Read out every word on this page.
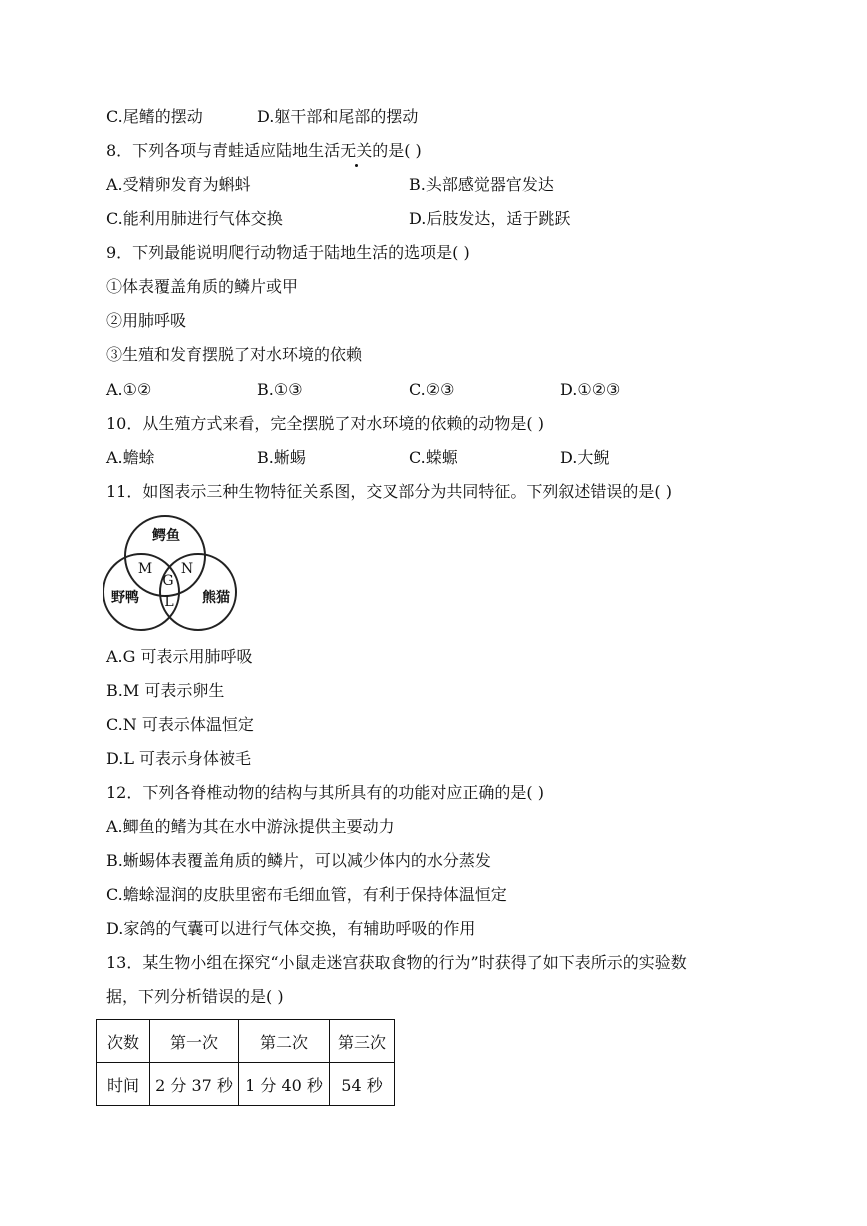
C.尾鳍的摆动	D.躯干部和尾部的摆动
8．下列各项与青蛙适应陆地生活无关的是( )
A.受精卵发育为蝌蚪	B.头部感觉器官发达
C.能利用肺进行气体交换	D.后肢发达，适于跳跃
9．下列最能说明爬行动物适于陆地生活的选项是( )
①体表覆盖角质的鳞片或甲
②用肺呼吸
③生殖和发育摆脱了对水环境的依赖
A.①②	B.①③	C.②③	D.①②③
10．从生殖方式来看，完全摆脱了对水环境的依赖的动物是( )
A.蟾蜍	B.蜥蜴	C.蝾螈	D.大鲵
11．如图表示三种生物特征关系图，交叉部分为共同特征。下列叙述错误的是( )
鳄鱼
野鸭	熊猫
M N
G
L
A.G 可表示用肺呼吸
B.M 可表示卵生
C.N 可表示体温恒定
D.L 可表示身体被毛
12．下列各脊椎动物的结构与其所具有的功能对应正确的是( )
A.鲫鱼的鳍为其在水中游泳提供主要动力
B.蜥蜴体表覆盖角质的鳞片，可以减少体内的水分蒸发
C.蟾蜍湿润的皮肤里密布毛细血管，有利于保持体温恒定
D.家鸽的气囊可以进行气体交换，有辅助呼吸的作用
13．某生物小组在探究“小鼠走迷宫获取食物的行为”时获得了如下表所示的实验数
据，下列分析错误的是( )
次数	第一次	第二次	第三次
时间	2 分 37 秒	1 分 40 秒	54 秒
